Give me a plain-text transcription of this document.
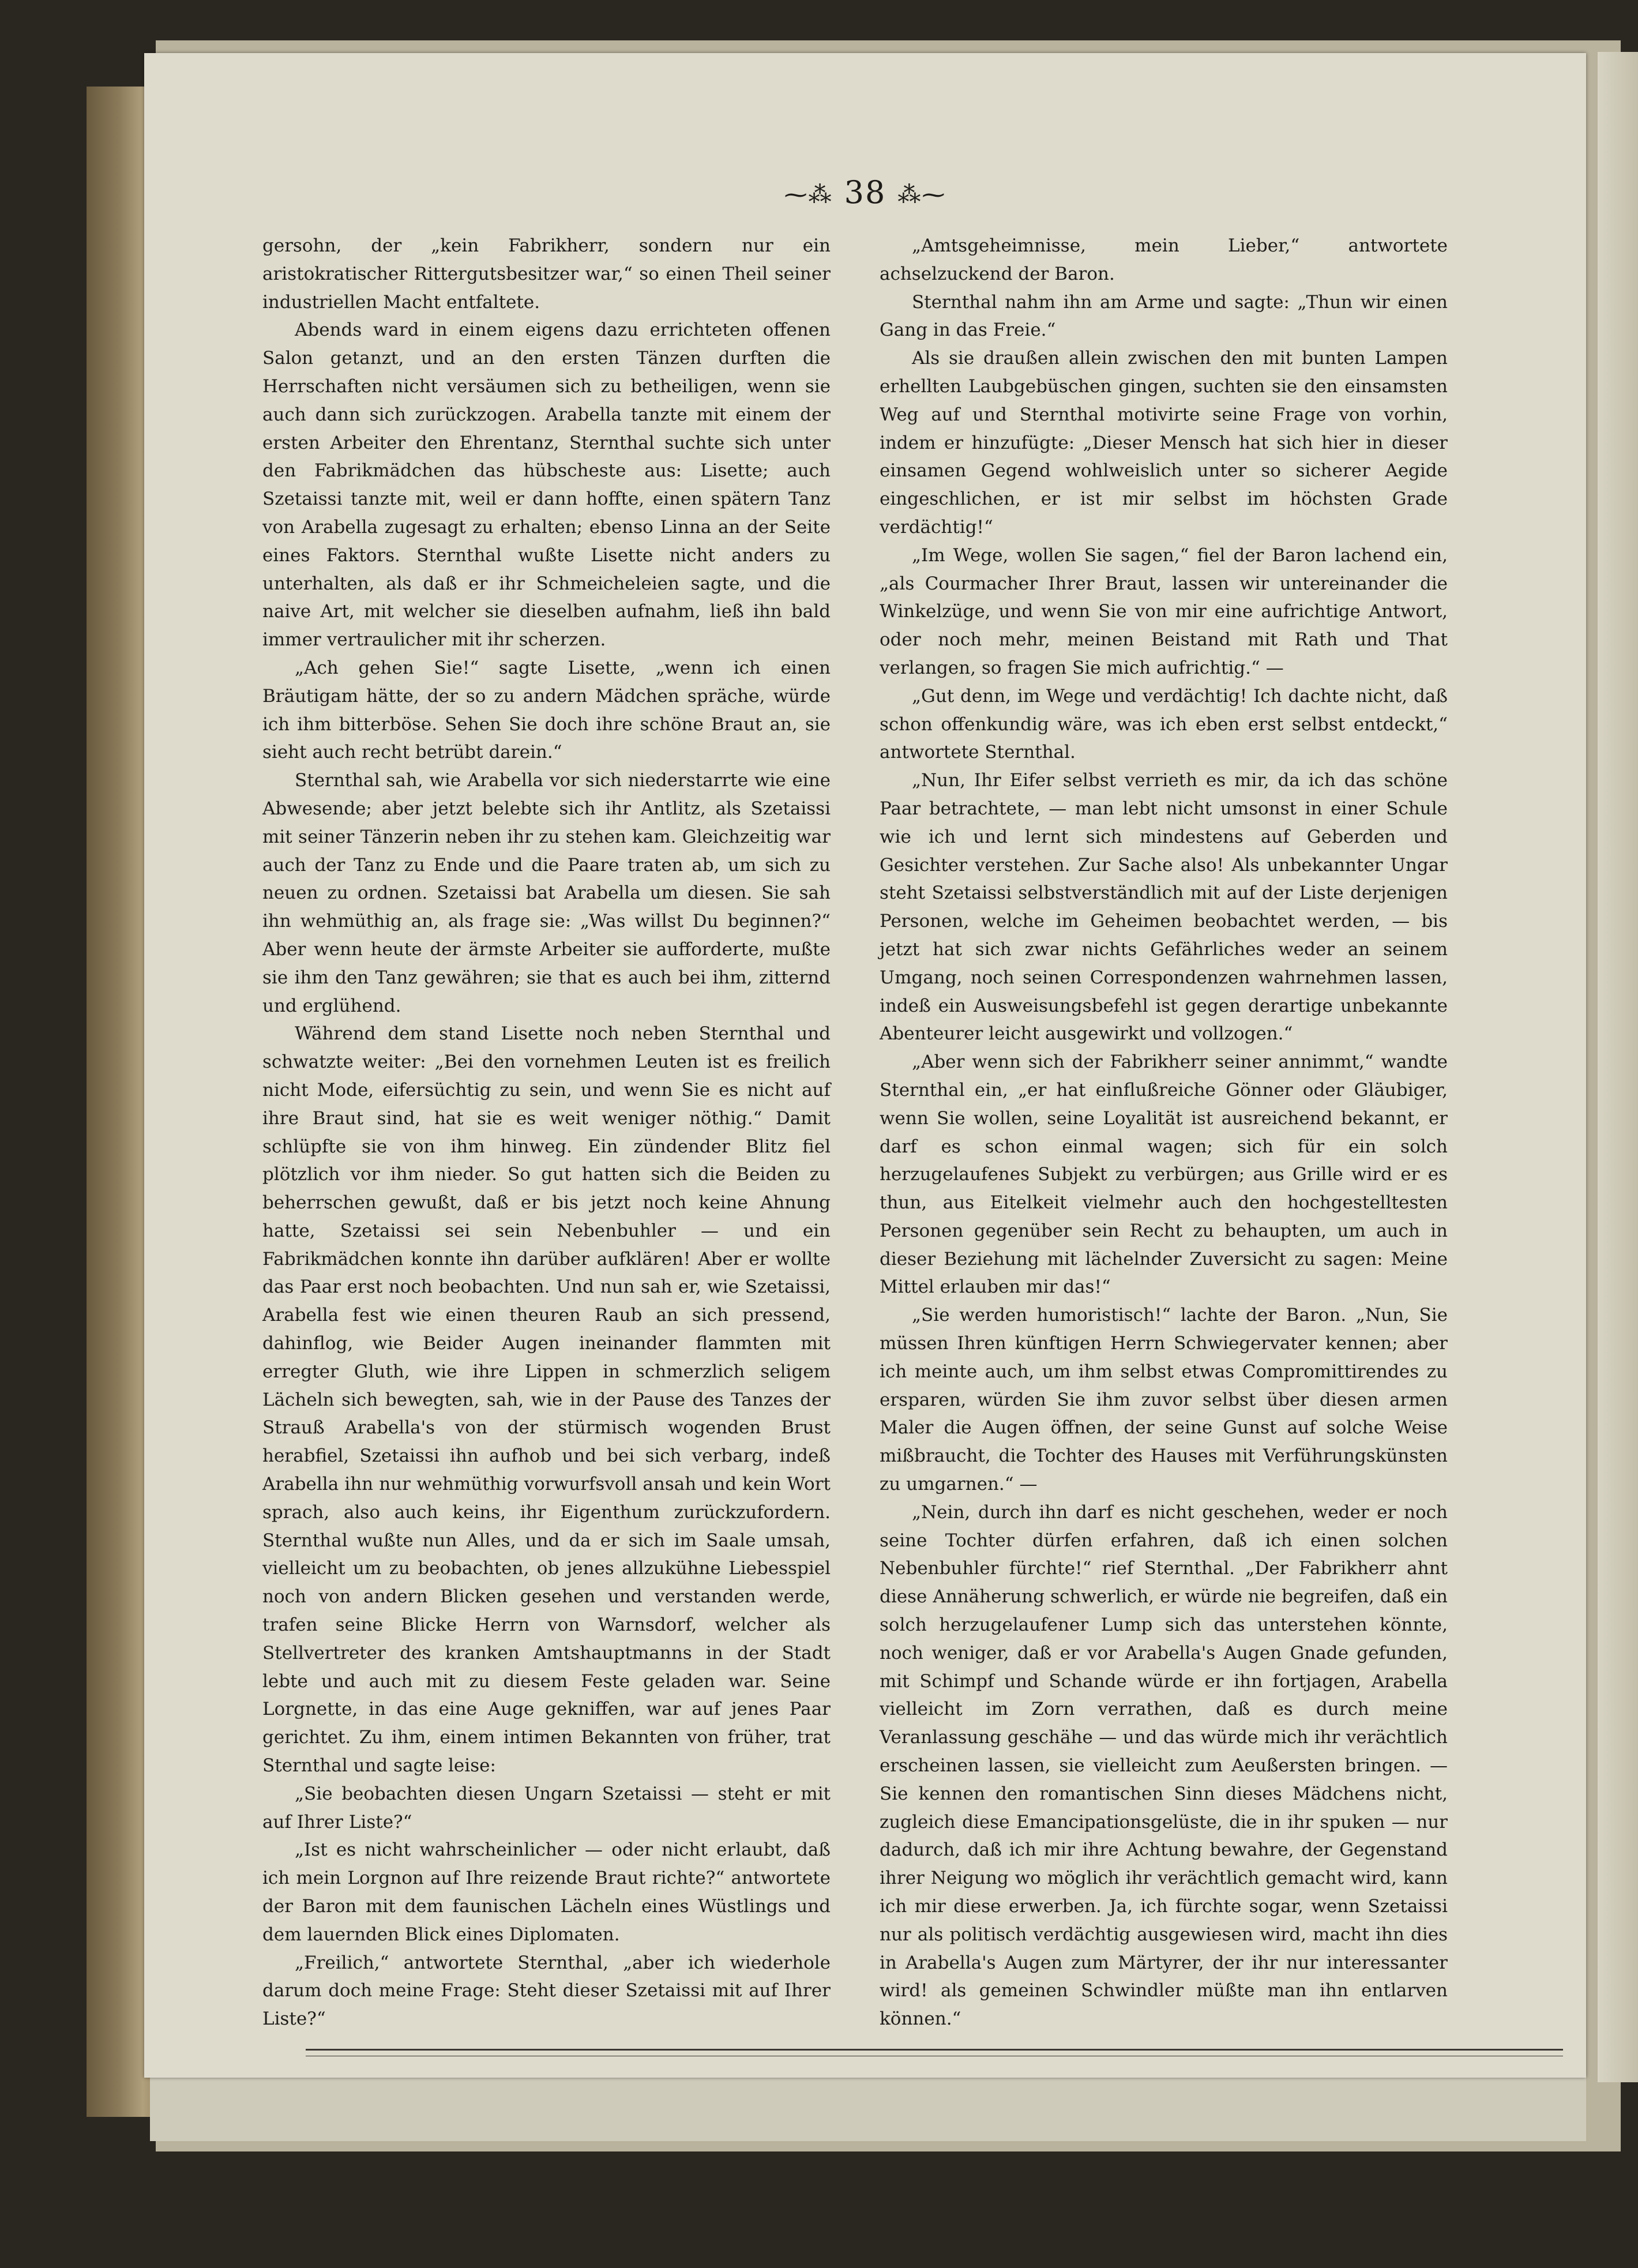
⁓⁂ 38 ⁂⁓

gersohn, der „kein Fabrikherr, sondern nur ein aristokratischer Rittergutsbesitzer war,“ so einen Theil seiner industriellen Macht entfaltete.

Abends ward in einem eigens dazu errichteten offenen Salon getanzt, und an den ersten Tänzen durften die Herrschaften nicht versäumen sich zu betheiligen, wenn sie auch dann sich zurückzogen. Arabella tanzte mit einem der ersten Arbeiter den Ehrentanz, Sternthal suchte sich unter den Fabrikmädchen das hübscheste aus: Lisette; auch Szetaissi tanzte mit, weil er dann hoffte, einen spätern Tanz von Arabella zugesagt zu erhalten; ebenso Linna an der Seite eines Faktors. Sternthal wußte Lisette nicht anders zu unterhalten, als daß er ihr Schmeicheleien sagte, und die naive Art, mit welcher sie dieselben aufnahm, ließ ihn bald immer vertraulicher mit ihr scherzen.

„Ach gehen Sie!“ sagte Lisette, „wenn ich einen Bräutigam hätte, der so zu andern Mädchen spräche, würde ich ihm bitterböse. Sehen Sie doch ihre schöne Braut an, sie sieht auch recht betrübt darein.“

Sternthal sah, wie Arabella vor sich niederstarrte wie eine Abwesende; aber jetzt belebte sich ihr Antlitz, als Szetaissi mit seiner Tänzerin neben ihr zu stehen kam. Gleichzeitig war auch der Tanz zu Ende und die Paare traten ab, um sich zu neuen zu ordnen. Szetaissi bat Arabella um diesen. Sie sah ihn wehmüthig an, als frage sie: „Was willst Du beginnen?“ Aber wenn heute der ärmste Arbeiter sie aufforderte, mußte sie ihm den Tanz gewähren; sie that es auch bei ihm, zitternd und erglühend.

Während dem stand Lisette noch neben Sternthal und schwatzte weiter: „Bei den vornehmen Leuten ist es freilich nicht Mode, eifersüchtig zu sein, und wenn Sie es nicht auf ihre Braut sind, hat sie es weit weniger nöthig.“ Damit schlüpfte sie von ihm hinweg. Ein zündender Blitz fiel plötzlich vor ihm nieder. So gut hatten sich die Beiden zu beherrschen gewußt, daß er bis jetzt noch keine Ahnung hatte, Szetaissi sei sein Nebenbuhler — und ein Fabrikmädchen konnte ihn darüber aufklären! Aber er wollte das Paar erst noch beobachten. Und nun sah er, wie Szetaissi, Arabella fest wie einen theuren Raub an sich pressend, dahinflog, wie Beider Augen ineinander flammten mit erregter Gluth, wie ihre Lippen in schmerzlich seligem Lächeln sich bewegten, sah, wie in der Pause des Tanzes der Strauß Arabella's von der stürmisch wogenden Brust herabfiel, Szetaissi ihn aufhob und bei sich verbarg, indeß Arabella ihn nur wehmüthig vorwurfsvoll ansah und kein Wort sprach, also auch keins, ihr Eigenthum zurückzufordern. Sternthal wußte nun Alles, und da er sich im Saale umsah, vielleicht um zu beobachten, ob jenes allzukühne Liebesspiel noch von andern Blicken gesehen und verstanden werde, trafen seine Blicke Herrn von Warnsdorf, welcher als Stellvertreter des kranken Amtshauptmanns in der Stadt lebte und auch mit zu diesem Feste geladen war. Seine Lorgnette, in das eine Auge gekniffen, war auf jenes Paar gerichtet. Zu ihm, einem intimen Bekannten von früher, trat Sternthal und sagte leise:

„Sie beobachten diesen Ungarn Szetaissi — steht er mit auf Ihrer Liste?“

„Ist es nicht wahrscheinlicher — oder nicht erlaubt, daß ich mein Lorgnon auf Ihre reizende Braut richte?“ antwortete der Baron mit dem faunischen Lächeln eines Wüstlings und dem lauernden Blick eines Diplomaten.

„Freilich,“ antwortete Sternthal, „aber ich wiederhole darum doch meine Frage: Steht dieser Szetaissi mit auf Ihrer Liste?“

„Amtsgeheimnisse, mein Lieber,“ antwortete achselzuckend der Baron.

Sternthal nahm ihn am Arme und sagte: „Thun wir einen Gang in das Freie.“

Als sie draußen allein zwischen den mit bunten Lampen erhellten Laubgebüschen gingen, suchten sie den einsamsten Weg auf und Sternthal motivirte seine Frage von vorhin, indem er hinzufügte: „Dieser Mensch hat sich hier in dieser einsamen Gegend wohlweislich unter so sicherer Aegide eingeschlichen, er ist mir selbst im höchsten Grade verdächtig!“

„Im Wege, wollen Sie sagen,“ fiel der Baron lachend ein, „als Courmacher Ihrer Braut, lassen wir untereinander die Winkelzüge, und wenn Sie von mir eine aufrichtige Antwort, oder noch mehr, meinen Beistand mit Rath und That verlangen, so fragen Sie mich aufrichtig.“ —

„Gut denn, im Wege und verdächtig! Ich dachte nicht, daß schon offenkundig wäre, was ich eben erst selbst entdeckt,“ antwortete Sternthal.

„Nun, Ihr Eifer selbst verrieth es mir, da ich das schöne Paar betrachtete, — man lebt nicht umsonst in einer Schule wie ich und lernt sich mindestens auf Geberden und Gesichter verstehen. Zur Sache also! Als unbekannter Ungar steht Szetaissi selbstverständlich mit auf der Liste derjenigen Personen, welche im Geheimen beobachtet werden, — bis jetzt hat sich zwar nichts Gefährliches weder an seinem Umgang, noch seinen Correspondenzen wahrnehmen lassen, indeß ein Ausweisungsbefehl ist gegen derartige unbekannte Abenteurer leicht ausgewirkt und vollzogen.“

„Aber wenn sich der Fabrikherr seiner annimmt,“ wandte Sternthal ein, „er hat einflußreiche Gönner oder Gläubiger, wenn Sie wollen, seine Loyalität ist ausreichend bekannt, er darf es schon einmal wagen; sich für ein solch herzugelaufenes Subjekt zu verbürgen; aus Grille wird er es thun, aus Eitelkeit vielmehr auch den hochgestelltesten Personen gegenüber sein Recht zu behaupten, um auch in dieser Beziehung mit lächelnder Zuversicht zu sagen: Meine Mittel erlauben mir das!“

„Sie werden humoristisch!“ lachte der Baron. „Nun, Sie müssen Ihren künftigen Herrn Schwiegervater kennen; aber ich meinte auch, um ihm selbst etwas Compromittirendes zu ersparen, würden Sie ihm zuvor selbst über diesen armen Maler die Augen öffnen, der seine Gunst auf solche Weise mißbraucht, die Tochter des Hauses mit Verführungskünsten zu umgarnen.“ —

„Nein, durch ihn darf es nicht geschehen, weder er noch seine Tochter dürfen erfahren, daß ich einen solchen Nebenbuhler fürchte!“ rief Sternthal. „Der Fabrikherr ahnt diese Annäherung schwerlich, er würde nie begreifen, daß ein solch herzugelaufener Lump sich das unterstehen könnte, noch weniger, daß er vor Arabella's Augen Gnade gefunden, mit Schimpf und Schande würde er ihn fortjagen, Arabella vielleicht im Zorn verrathen, daß es durch meine Veranlassung geschähe — und das würde mich ihr verächtlich erscheinen lassen, sie vielleicht zum Aeußersten bringen. — Sie kennen den romantischen Sinn dieses Mädchens nicht, zugleich diese Emancipationsgelüste, die in ihr spuken — nur dadurch, daß ich mir ihre Achtung bewahre, der Gegenstand ihrer Neigung wo möglich ihr verächtlich gemacht wird, kann ich mir diese erwerben. Ja, ich fürchte sogar, wenn Szetaissi nur als politisch verdächtig ausgewiesen wird, macht ihn dies in Arabella's Augen zum Märtyrer, der ihr nur interessanter wird! als gemeinen Schwindler müßte man ihn entlarven können.“
